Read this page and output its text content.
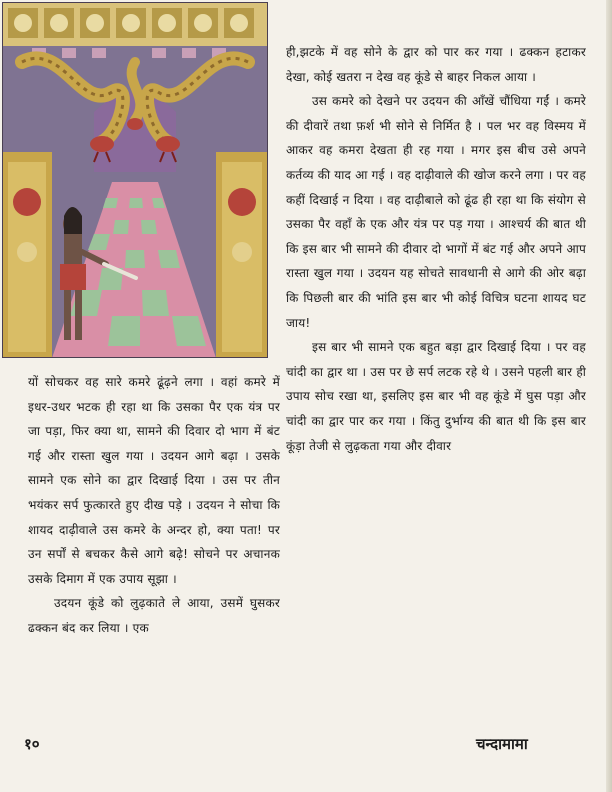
ही,झटके में वह सोने के द्वार को पार कर गया । ढक्कन हटाकर देखा, कोई खतरा न देख वह कूंडे से बाहर निकल आया ।

उस कमरे को देखने पर उदयन की आँखें चौंधिया गईं । कमरे की दीवारें तथा फ़र्श भी सोने से निर्मित है । पल भर वह विस्मय में आकर वह कमरा देखता ही रह गया । मगर इस बीच उसे अपने कर्तव्य की याद आ गई । वह दाढ़ीवाले की खोज करने लगा । पर वह कहीं दिखाई न दिया । वह दाढ़ीबाले को ढूंढ ही रहा था कि संयोग से उसका पैर वहाँ के एक और यंत्र पर पड़ गया । आश्चर्य की बात थी कि इस बार भी सामने की दीवार दो भागों में बंट गई और अपने आप रास्ता खुल गया । उदयन यह सोचते सावधानी से आगे की ओर बढ़ा कि पिछली बार की भांति इस बार भी कोई विचित्र घटना शायद घट जाय!

इस बार भी सामने एक बहुत बड़ा द्वार दिखाई दिया । पर वह चांदी का द्वार था । उस पर छे सर्प लटक रहे थे । उसने पहली बार ही उपाय सोच रखा था, इसलिए इस बार भी वह कूंडे में घुस पड़ा और चांदी का द्वार पार कर गया । किंतु दुर्भाग्य की बात थी कि इस बार कूंड़ा तेजी से लुढ़कता गया और दीवार

यों सोचकर वह सारे कमरे ढूंढ़ने लगा । वहां कमरे में इधर-उधर भटक ही रहा था कि उसका पैर एक यंत्र पर जा पड़ा, फिर क्या था, सामने की दिवार दो भाग में बंट गई और रास्ता खुल गया । उदयन आगे बढ़ा । उसके सामने एक सोने का द्वार दिखाई दिया । उस पर तीन भयंकर सर्प फुत्कारते हुए दीख पड़े । उदयन ने सोचा कि शायद दाढ़ीवाले उस कमरे के अन्दर हो, क्या पता! पर उन सर्पों से बचकर कैसे आगे बढ़े! सोचने पर अचानक उसके दिमाग में एक उपाय सूझा ।

उदयन कूंडे को लुढ़काते ले आया, उसमें घुसकर ढक्कन बंद कर लिया । एक

१०	चन्दामामा
